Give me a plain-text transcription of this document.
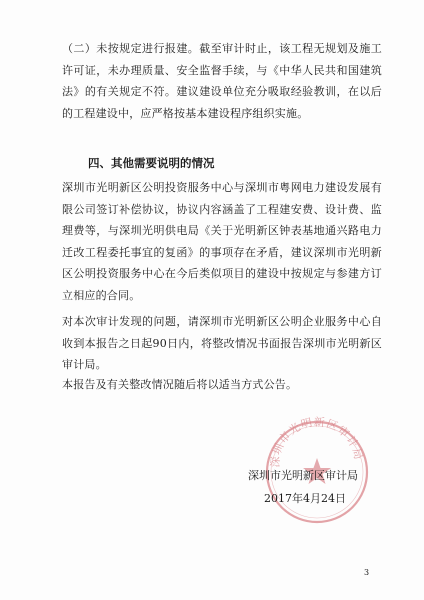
（二）未按规定进行报建。截至审计时止，该工程无规划及施工许可证，未办理质量、安全监督手续，与《中华人民共和国建筑法》的有关规定不符。建议建设单位充分吸取经验教训，在以后的工程建设中，应严格按基本建设程序组织实施。

四、其他需要说明的情况

深圳市光明新区公明投资服务中心与深圳市粤网电力建设发展有限公司签订补偿协议，协议内容涵盖了工程建安费、设计费、监理费等，与深圳光明供电局《关于光明新区钟表基地通兴路电力迁改工程委托事宜的复函》的事项存在矛盾，建议深圳市光明新区公明投资服务中心在今后类似项目的建设中按规定与参建方订立相应的合同。

对本次审计发现的问题，请深圳市光明新区公明企业服务中心自收到本报告之日起90日内，将整改情况书面报告深圳市光明新区审计局。

本报告及有关整改情况随后将以适当方式公告。

深圳市光明新区审计局
深圳市光明新区审计局
2017年4月24日
3
